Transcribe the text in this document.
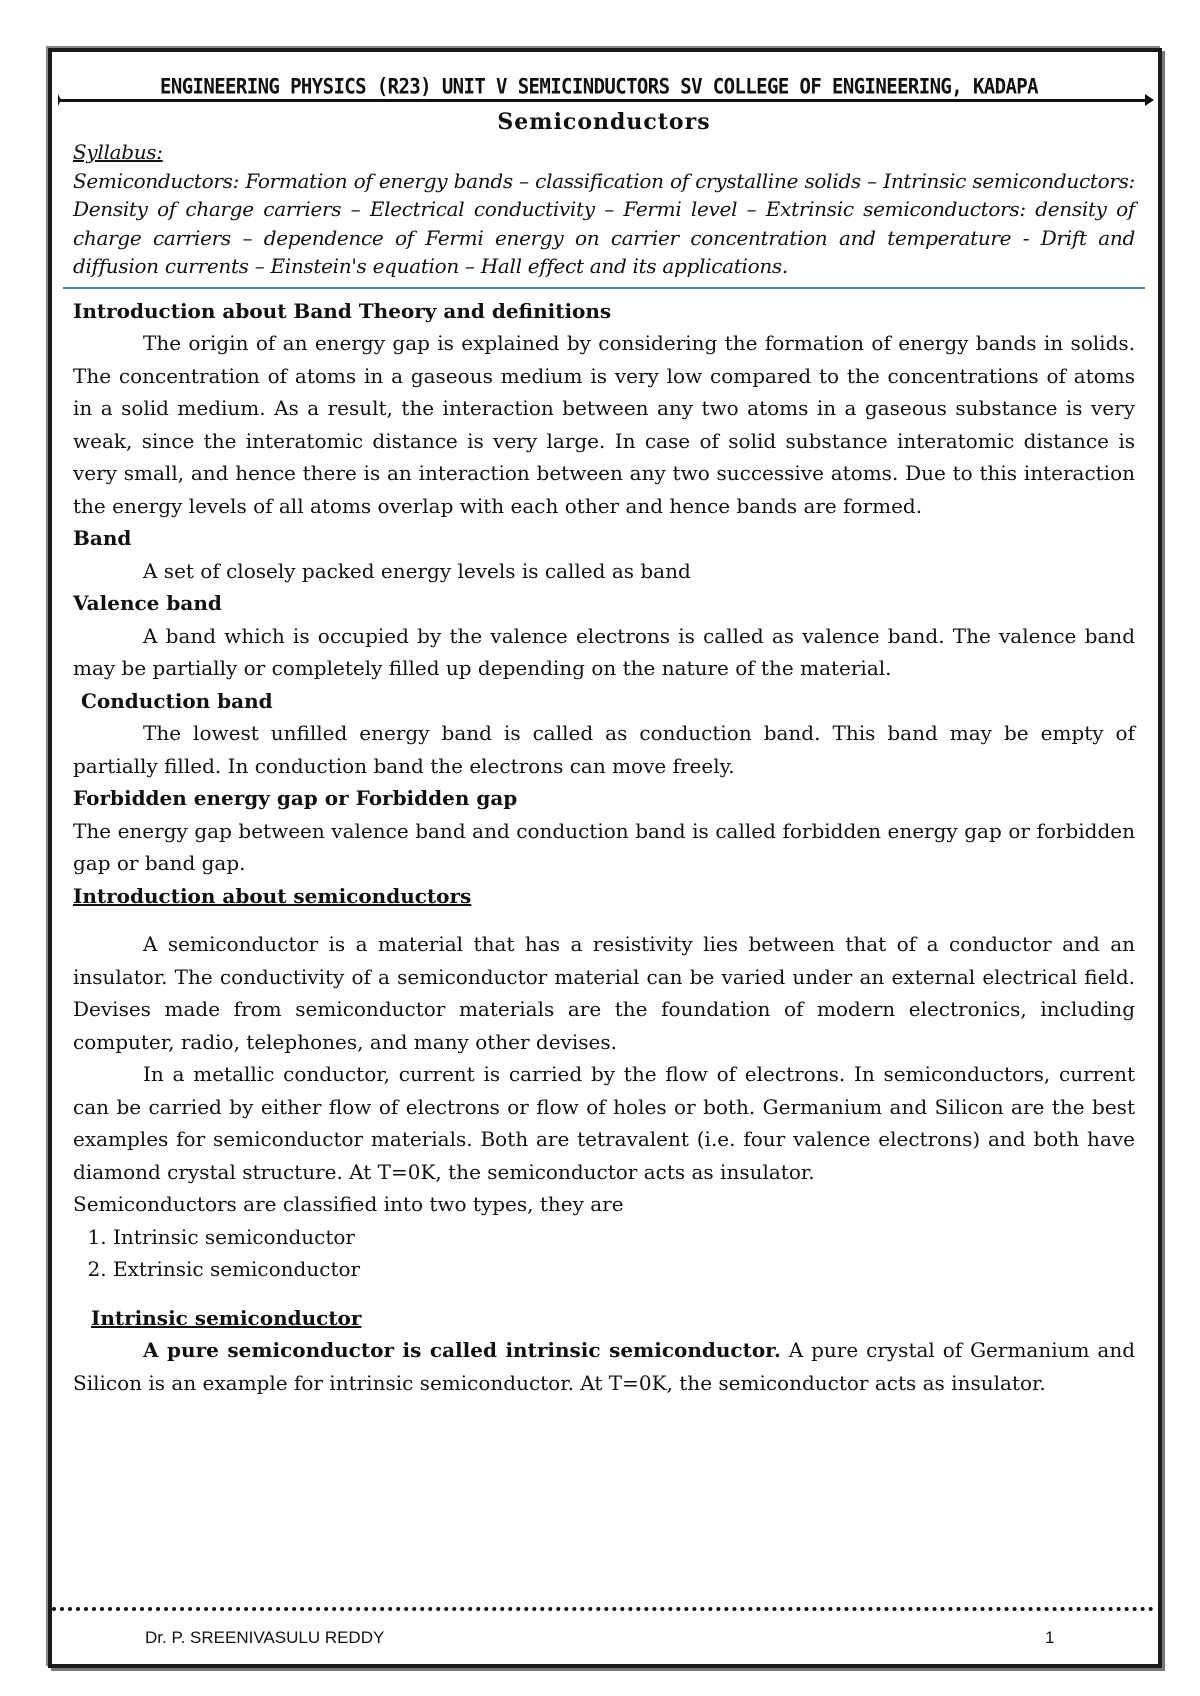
ENGINEERING PHYSICS (R23) UNIT V SEMICINDUCTORS SV COLLEGE OF ENGINEERING, KADAPA
Semiconductors
Syllabus:
Semiconductors: Formation of energy bands – classification of crystalline solids – Intrinsic semiconductors: Density of charge carriers – Electrical conductivity – Fermi level – Extrinsic semiconductors: density of charge carriers – dependence of Fermi energy on carrier concentration and temperature - Drift and diffusion currents – Einstein's equation – Hall effect and its applications.
Introduction about Band Theory and definitions

The origin of an energy gap is explained by considering the formation of energy bands in solids. The concentration of atoms in a gaseous medium is very low compared to the concentrations of atoms in a solid medium. As a result, the interaction between any two atoms in a gaseous substance is very weak, since the interatomic distance is very large. In case of solid substance interatomic distance is very small, and hence there is an interaction between any two successive atoms. Due to this interaction the energy levels of all atoms overlap with each other and hence bands are formed.

Band

A set of closely packed energy levels is called as band

Valence band

A band which is occupied by the valence electrons is called as valence band. The valence band may be partially or completely filled up depending on the nature of the material.

Conduction band

The lowest unfilled energy band is called as conduction band. This band may be empty of partially filled. In conduction band the electrons can move freely.

Forbidden energy gap or Forbidden gap

The energy gap between valence band and conduction band is called forbidden energy gap or forbidden gap or band gap.

Introduction about semiconductors

A semiconductor is a material that has a resistivity lies between that of a conductor and an insulator. The conductivity of a semiconductor material can be varied under an external electrical field. Devises made from semiconductor materials are the foundation of modern electronics, including computer, radio, telephones, and many other devises.

In a metallic conductor, current is carried by the flow of electrons. In semiconductors, current can be carried by either flow of electrons or flow of holes or both. Germanium and Silicon are the best examples for semiconductor materials. Both are tetravalent (i.e. four valence electrons) and both have diamond crystal structure. At T=0K, the semiconductor acts as insulator.

Semiconductors are classified into two types, they are

1. Intrinsic semiconductor
2. Extrinsic semiconductor
Intrinsic semiconductor

A pure semiconductor is called intrinsic semiconductor. A pure crystal of Germanium and Silicon is an example for intrinsic semiconductor. At T=0K, the semiconductor acts as insulator.

Dr. P. SREENIVASULU REDDY	1
